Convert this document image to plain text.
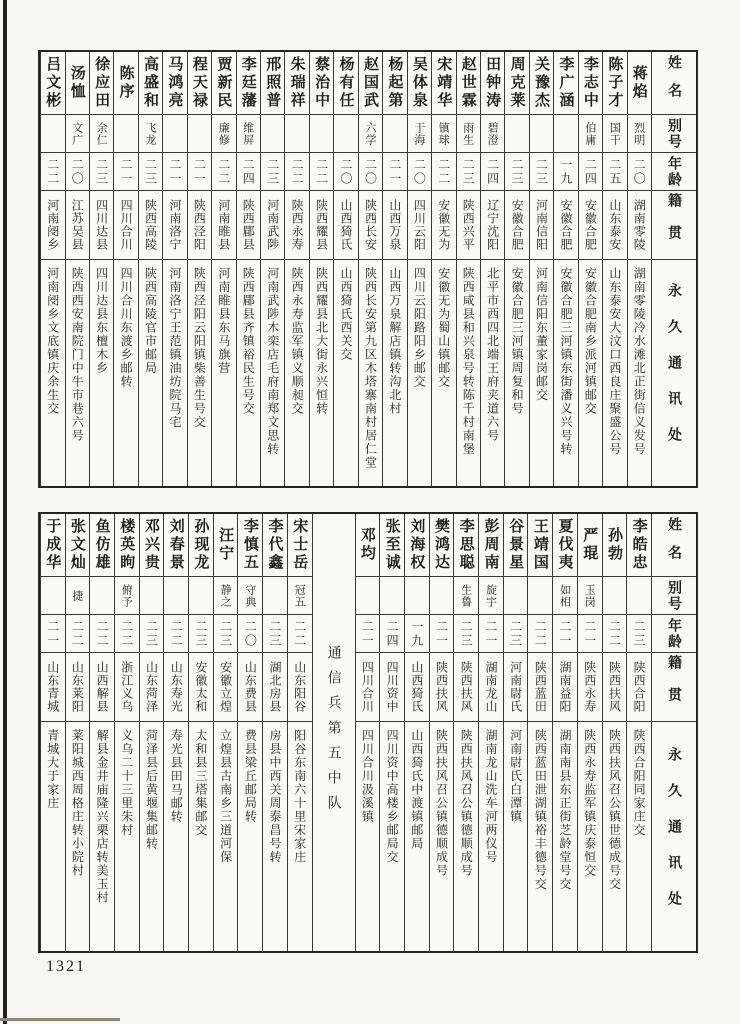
姓名
别号
年龄
籍贯
永久通讯处
蒋焰
烈明
二〇
湖南零陵
湖南零陵冷水滩北正街信义发号
陈子才
国干
二五
山东泰安
山东泰安大汶口西良庄聚盛公号
李志中
伯庸
二四
安徽合肥
安徽合肥南乡派河镇邮交
李广涵
一九
安徽合肥
安徽合肥三河镇东街潘义兴号转
关豫杰
二三
河南信阳
河南信阳东董家岗邮交
周克莱
二三
安徽合肥
安徽合肥三河镇周复和号
田钟涛
碧澄
二四
辽宁沈阳
北平市西四北端王府夹道六号
赵世霖
雨生
二三
陕西兴平
陕西咸县和兴泉号转陈千村南堡
宋靖华
镇球
二二
安徽无为
安徽无为蜀山镇邮交
吴体泉
于海
二〇
四川云阳
四川云阳路阳乡邮交
杨起第
二一
山西万泉
山西万泉解店镇转沟北村
赵国武
六学
二〇
陕西长安
陕西长安第九区木塔寨南村居仁堂
杨有任
二〇
山西猗氏
山西猗氏西关交
蔡治中
二二
陕西耀县
陕西耀县北大街永兴恒转
朱瑞祥
二二
陕西永寿
陕西永寿监军镇义顺昶交
邢照普
二三
河南武陟
河南武陟木栾店毛府南郑文思转
李廷藩
维屏
二四
陕西郿县
陕西郿县齐镇裕民生号交
贾新民
廉修
二二
河南睢县
河南睢县东马旗营
程天禄
二一
陕西泾阳
陕西泾阳云阳镇柴善生号交
马鸿亮
二一
河南洛宁
河南洛宁王范镇油坊院马宅
高盛和
飞龙
二三
陕西高陵
陕西高陵官市邮局
陈序
二一
四川合川
四川合川东渡乡邮转
徐应田
余仁
二三
四川达县
四川达县东檀木乡
汤恤
文广
二〇
江苏吴县
陕西西安南院门中牛市巷六号
吕文彬
二二
河南阌乡
河南阌乡文底镇庆余生交
姓名
别号
年龄
籍贯
永久通讯处
李皓忠
二三
陕西合阳
陕西合阳同家庄交
孙勃
二二
陕西扶风
陕西扶风召公镇世德成号交
严琨
玉岗
二一
陕西永寿
陕西永寿监军镇庆泰恒交
夏伐夷
如相
二一
湖南益阳
湖南南县东正街芝龄堂号交
王靖国
二二
陕西蓝田
陕西蓝田泄湖镇裕丰德号交
谷景星
二三
河南尉氏
河南尉氏白潭镇
彭周南
旋宇
二一
湖南龙山
湖南龙山洗车河两仪号
李思聪
生鲁
二三
陕西扶风
陕西扶风召公镇德顺成号
樊鸿达
二一
陕西扶风
陕西扶风召公镇德顺成号
刘海权
一九
山西猗氏
山西猗氏中渡镇邮局
张至诚
二四
四川资中
四川资中高楼乡邮局交
邓均
二一
四川合川
四川合川汲溪镇
通信兵第五中队
宋士岳
冠五
二二
山东阳谷
阳谷东南六十里宋家庄
李代鑫
二三
湖北房县
房县中西关周泰昌号转
李慎五
守典
二〇
山东费县
费县梁丘邮局转
汪宁
静之
二三
安徽立煌
立煌县古南乡三道河保
孙现龙
二三
安徽太和
太和县三塔集邮交
刘春景
二二
山东寿光
寿光县田马邮转
邓兴贵
二三
山东菏泽
菏泽县后黄堰集邮转
楼英眗
俯予
二二
浙江义乌
义乌二十三里朱村
鱼仿雄
二二
山西解县
解县金井庙隆兴栗店转美玉村
张文灿
捷
二二
山东莱阳
莱阳城西周格庄转小院村
于成华
二一
山东青城
青城大于家庄
1321
